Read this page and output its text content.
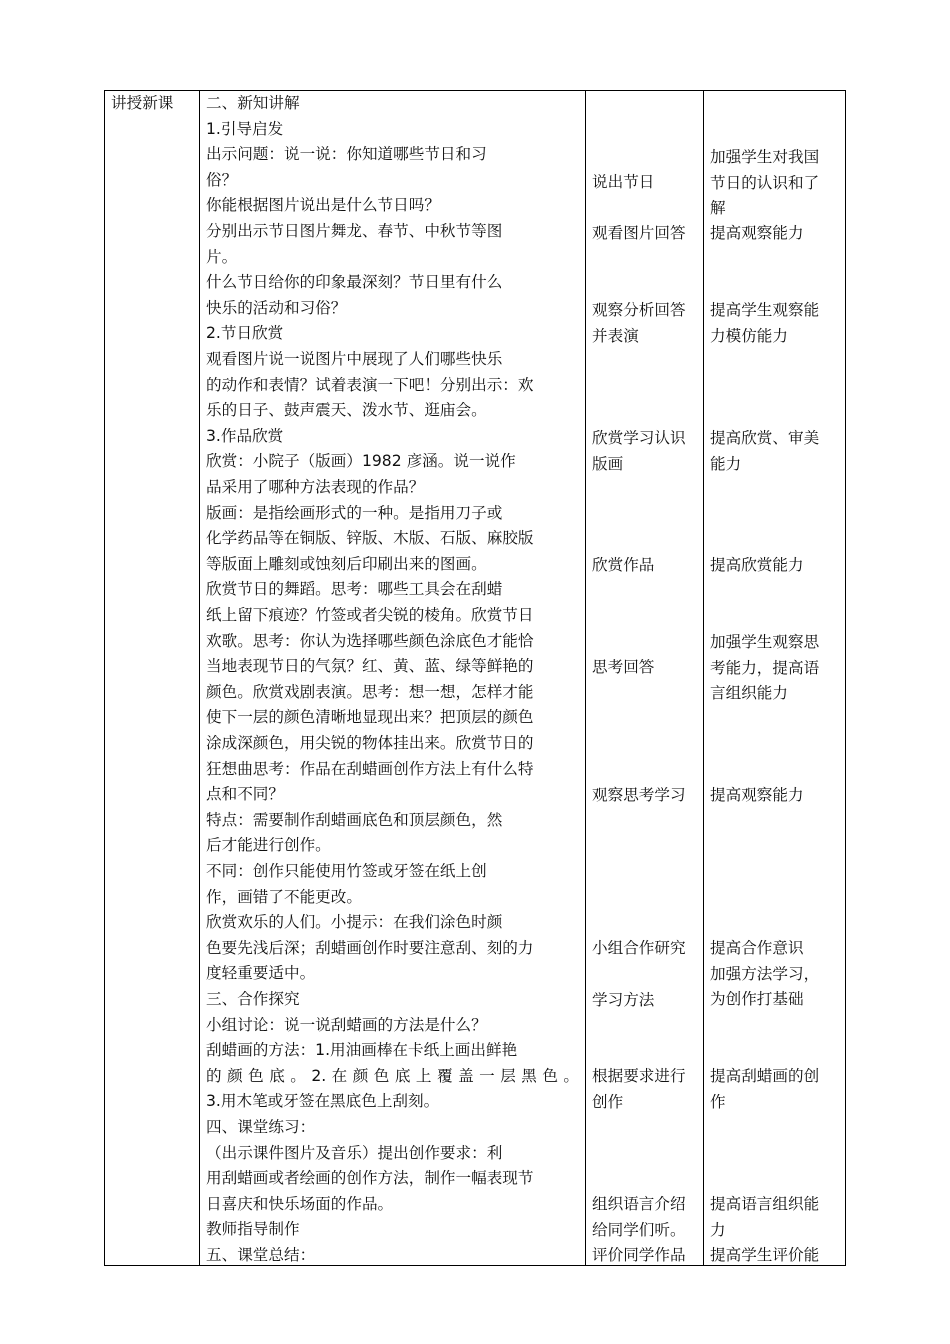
讲授新课	二、新知讲解
1.引导启发
出示问题：说一说：你知道哪些节日和习
俗？
你能根据图片说出是什么节日吗？
分别出示节日图片舞龙、春节、中秋节等图
片。
什么节日给你的印象最深刻？节日里有什么
快乐的活动和习俗？
2.节日欣赏
观看图片说一说图片中展现了人们哪些快乐
的动作和表情？试着表演一下吧！分别出示：欢
乐的日子、鼓声震天、泼水节、逛庙会。
3.作品欣赏
欣赏：小院子（版画）1982 彦涵。说一说作
品采用了哪种方法表现的作品？
版画：是指绘画形式的一种。是指用刀子或
化学药品等在铜版、锌版、木版、石版、麻胶版
等版面上雕刻或蚀刻后印刷出来的图画。
欣赏节日的舞蹈。思考：哪些工具会在刮蜡
纸上留下痕迹？竹签或者尖锐的棱角。欣赏节日
欢歌。思考：你认为选择哪些颜色涂底色才能恰
当地表现节日的气氛？红、黄、蓝、绿等鲜艳的
颜色。欣赏戏剧表演。思考：想一想，怎样才能
使下一层的颜色清晰地显现出来？把顶层的颜色
涂成深颜色，用尖锐的物体挂出来。欣赏节日的
狂想曲思考：作品在刮蜡画创作方法上有什么特
点和不同？
特点：需要制作刮蜡画底色和顶层颜色，然
后才能进行创作。
不同：创作只能使用竹签或牙签在纸上创
作，画错了不能更改。
欣赏欢乐的人们。小提示：在我们涂色时颜
色要先浅后深；刮蜡画创作时要注意刮、刻的力
度轻重要适中。
三、合作探究
小组讨论：说一说刮蜡画的方法是什么？
刮蜡画的方法：1.用油画棒在卡纸上画出鲜艳
的颜色底。2.在颜色底上覆盖一层黑色。
3.用木笔或牙签在黑底色上刮刻。
四、课堂练习：
（出示课件图片及音乐）提出创作要求：利
用刮蜡画或者绘画的创作方法，制作一幅表现节
日喜庆和快乐场面的作品。
教师指导制作
五、课堂总结：
说出节日
观看图片回答
观察分析回答
并表演
欣赏学习认识
版画
欣赏作品
思考回答
观察思考学习
小组合作研究
学习方法
根据要求进行
创作
组织语言介绍
给同学们听。
评价同学作品
加强学生对我国
节日的认识和了
解
提高观察能力
提高学生观察能
力模仿能力
提高欣赏、审美
能力
提高欣赏能力
加强学生观察思
考能力，提高语
言组织能力
提高观察能力
提高合作意识
加强方法学习，
为创作打基础
提高刮蜡画的创
作
提高语言组织能
力
提高学生评价能
